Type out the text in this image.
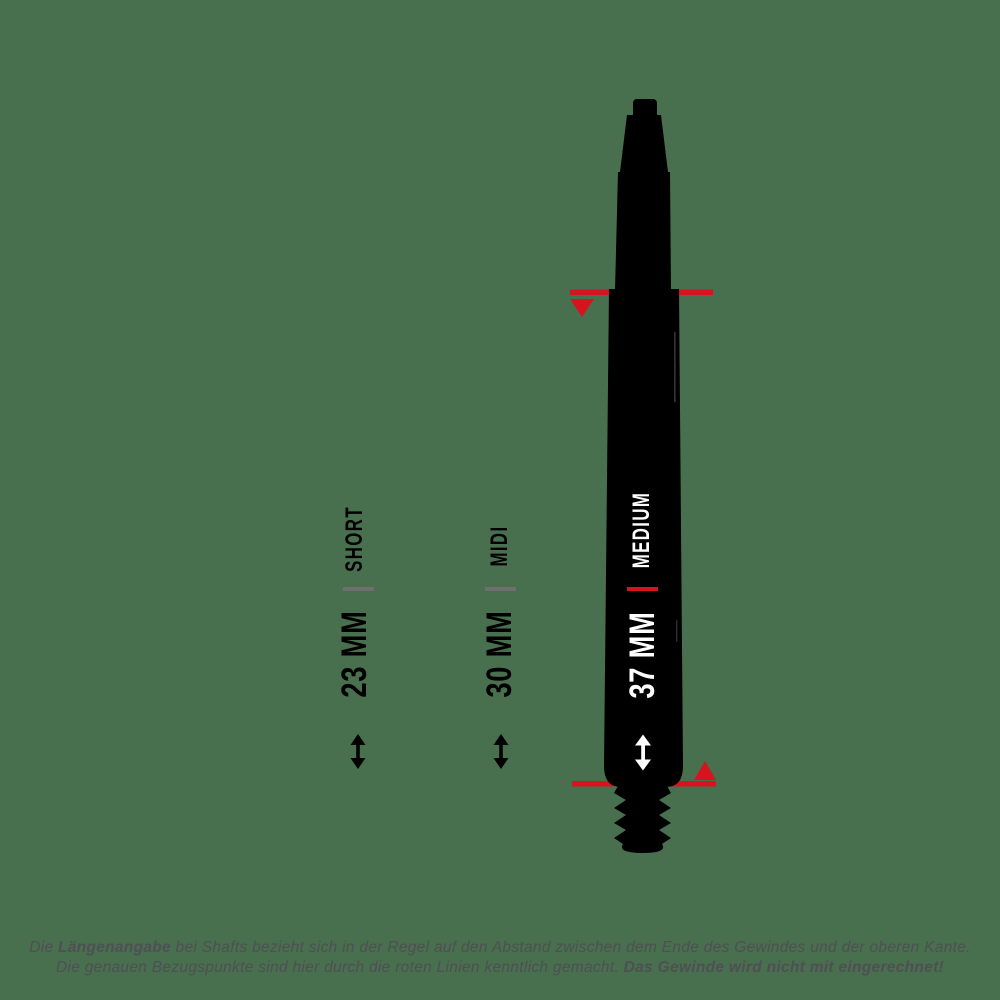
SHORT
23 MM
MIDI
30 MM
MEDIUM
37 MM
Die Längenangabe bei Shafts bezieht sich in der Regel auf den Abstand zwischen dem Ende des Gewindes und der oberen Kante.
Die genauen Bezugspunkte sind hier durch die roten Linien kenntlich gemacht. Das Gewinde wird nicht mit eingerechnet!
